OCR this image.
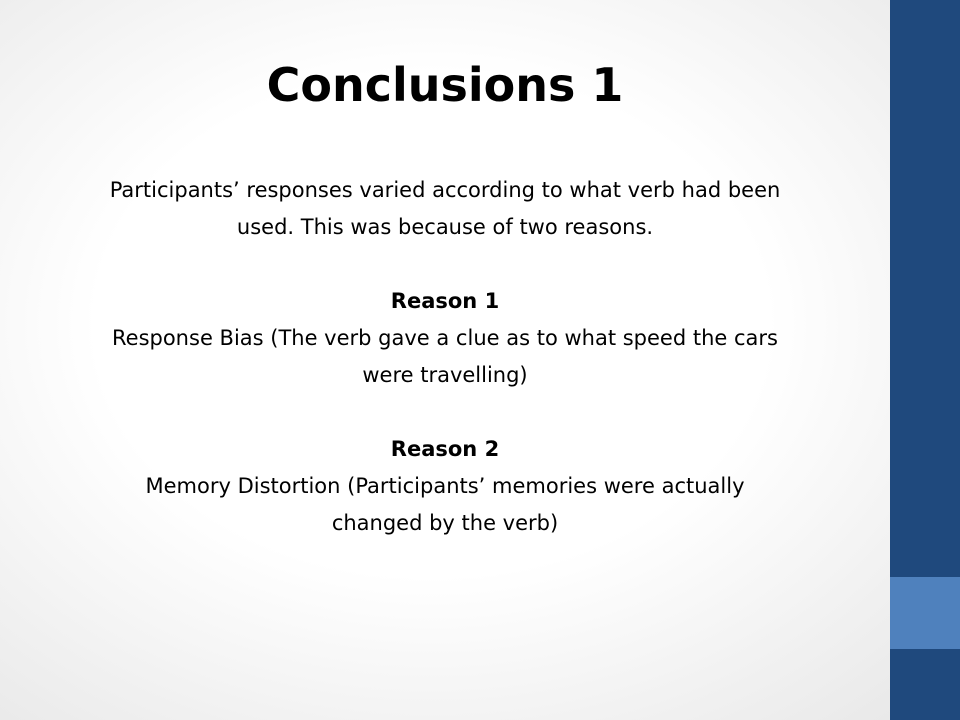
Conclusions 1

Participants’ responses varied according to what verb had been

used. This was because of two reasons.

Reason 1

Response Bias (The verb gave a clue as to what speed the cars

were travelling)

Reason 2

Memory Distortion (Participants’ memories were actually

changed by the verb)
